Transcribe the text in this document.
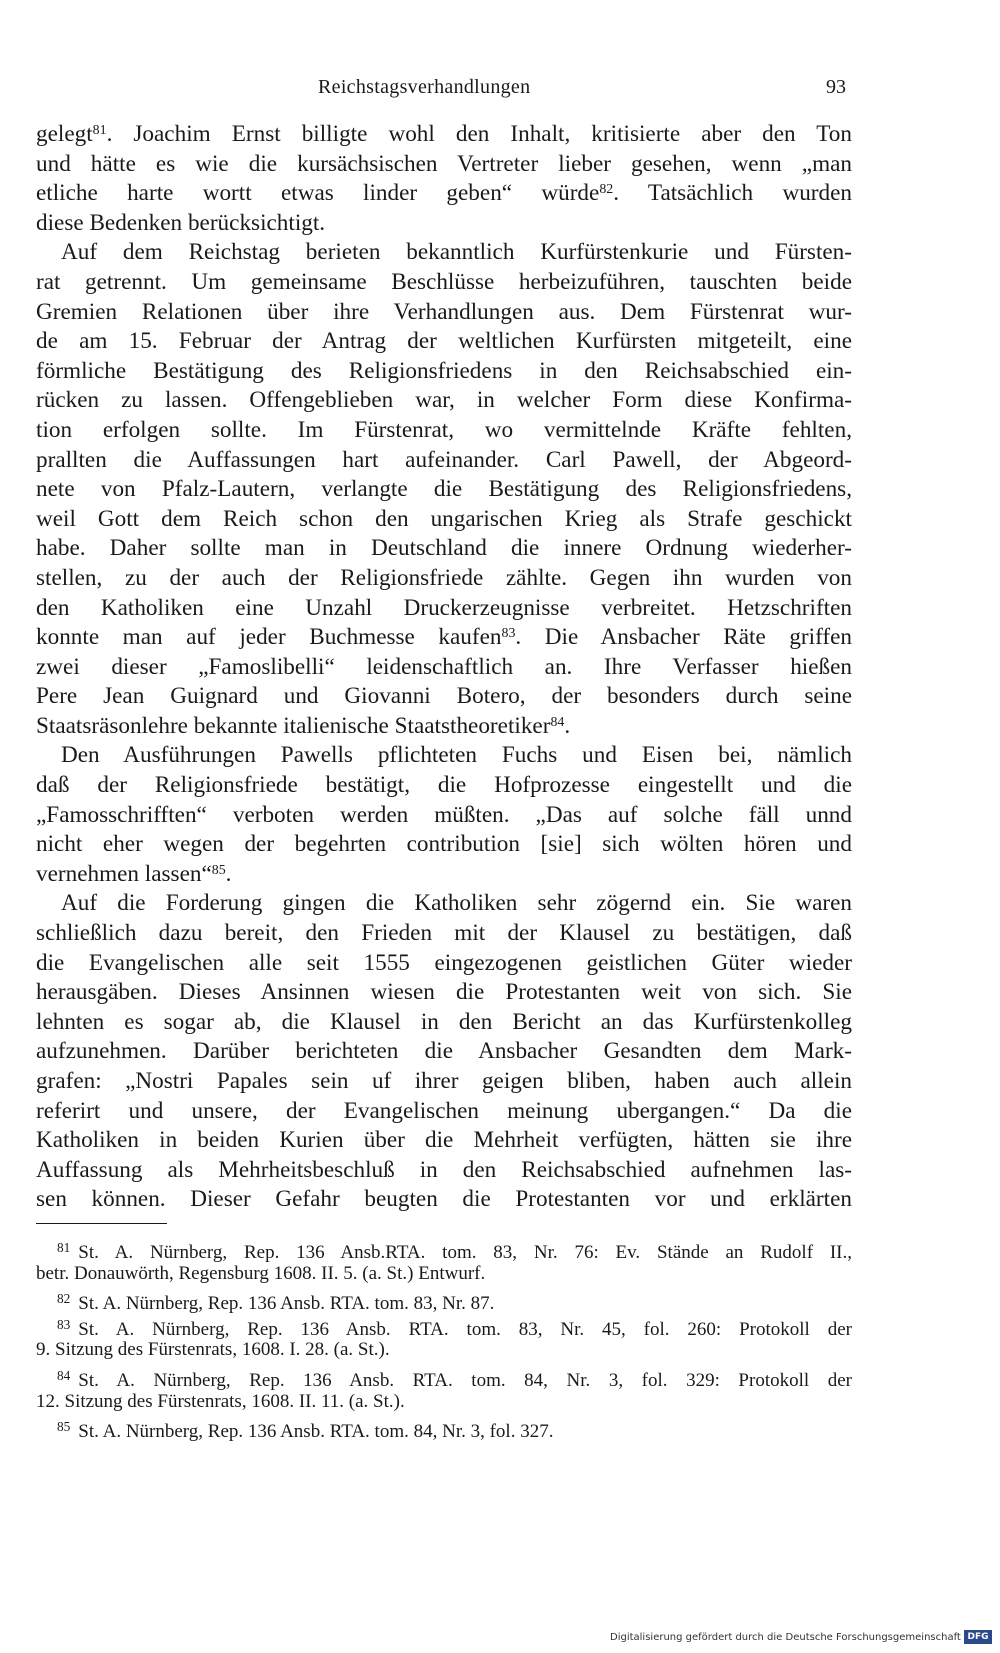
Reichstagsverhandlungen	93
gelegt$^{81}$. Joachim Ernst billigte wohl den Inhalt, kritisierte aber den Ton
und hätte es wie die kursächsischen Vertreter lieber gesehen, wenn „man
etliche harte wortt etwas linder geben“ würde$^{82}$. Tatsächlich wurden
diese Bedenken berücksichtigt.
Auf dem Reichstag berieten bekanntlich Kurfürstenkurie und Fürsten-
rat getrennt. Um gemeinsame Beschlüsse herbeizuführen, tauschten beide
Gremien Relationen über ihre Verhandlungen aus. Dem Fürstenrat wur-
de am 15. Februar der Antrag der weltlichen Kurfürsten mitgeteilt, eine
förmliche Bestätigung des Religionsfriedens in den Reichsabschied ein-
rücken zu lassen. Offengeblieben war, in welcher Form diese Konfirma-
tion erfolgen sollte. Im Fürstenrat, wo vermittelnde Kräfte fehlten,
prallten die Auffassungen hart aufeinander. Carl Pawell, der Abgeord-
nete von Pfalz-Lautern, verlangte die Bestätigung des Religionsfriedens,
weil Gott dem Reich schon den ungarischen Krieg als Strafe geschickt
habe. Daher sollte man in Deutschland die innere Ordnung wiederher-
stellen, zu der auch der Religionsfriede zählte. Gegen ihn wurden von
den Katholiken eine Unzahl Druckerzeugnisse verbreitet. Hetzschriften
konnte man auf jeder Buchmesse kaufen$^{83}$. Die Ansbacher Räte griffen
zwei dieser „Famoslibelli“ leidenschaftlich an. Ihre Verfasser hießen
Pere Jean Guignard und Giovanni Botero, der besonders durch seine
Staatsräsonlehre bekannte italienische Staatstheoretiker$^{84}$.
Den Ausführungen Pawells pflichteten Fuchs und Eisen bei, nämlich
daß der Religionsfriede bestätigt, die Hofprozesse eingestellt und die
„Famosschrifften“ verboten werden müßten. „Das auf solche fäll unnd
nicht eher wegen der begehrten contribution [sie] sich wölten hören und
vernehmen lassen“$^{85}$.
Auf die Forderung gingen die Katholiken sehr zögernd ein. Sie waren
schließlich dazu bereit, den Frieden mit der Klausel zu bestätigen, daß
die Evangelischen alle seit 1555 eingezogenen geistlichen Güter wieder
herausgäben. Dieses Ansinnen wiesen die Protestanten weit von sich. Sie
lehnten es sogar ab, die Klausel in den Bericht an das Kurfürstenkolleg
aufzunehmen. Darüber berichteten die Ansbacher Gesandten dem Mark-
grafen: „Nostri Papales sein uf ihrer geigen bliben, haben auch allein
referirt und unsere, der Evangelischen meinung ubergangen.“ Da die
Katholiken in beiden Kurien über die Mehrheit verfügten, hätten sie ihre
Auffassung als Mehrheitsbeschluß in den Reichsabschied aufnehmen las-
sen können. Dieser Gefahr beugten die Protestanten vor und erklärten
$^{81}$ St. A. Nürnberg, Rep. 136 Ansb.RTA. tom. 83, Nr. 76: Ev. Stände an Rudolf II.,
betr. Donauwörth, Regensburg 1608. II. 5. (a. St.) Entwurf.
$^{82}$ St. A. Nürnberg, Rep. 136 Ansb. RTA. tom. 83, Nr. 87.
$^{83}$ St. A. Nürnberg, Rep. 136 Ansb. RTA. tom. 83, Nr. 45, fol. 260: Protokoll der
9. Sitzung des Fürstenrats, 1608. I. 28. (a. St.).
$^{84}$ St. A. Nürnberg, Rep. 136 Ansb. RTA. tom. 84, Nr. 3, fol. 329: Protokoll der
12. Sitzung des Fürstenrats, 1608. II. 11. (a. St.).
$^{85}$ St. A. Nürnberg, Rep. 136 Ansb. RTA. tom. 84, Nr. 3, fol. 327.
Digitalisierung gefördert durch die Deutsche Forschungsgemeinschaft DFG
